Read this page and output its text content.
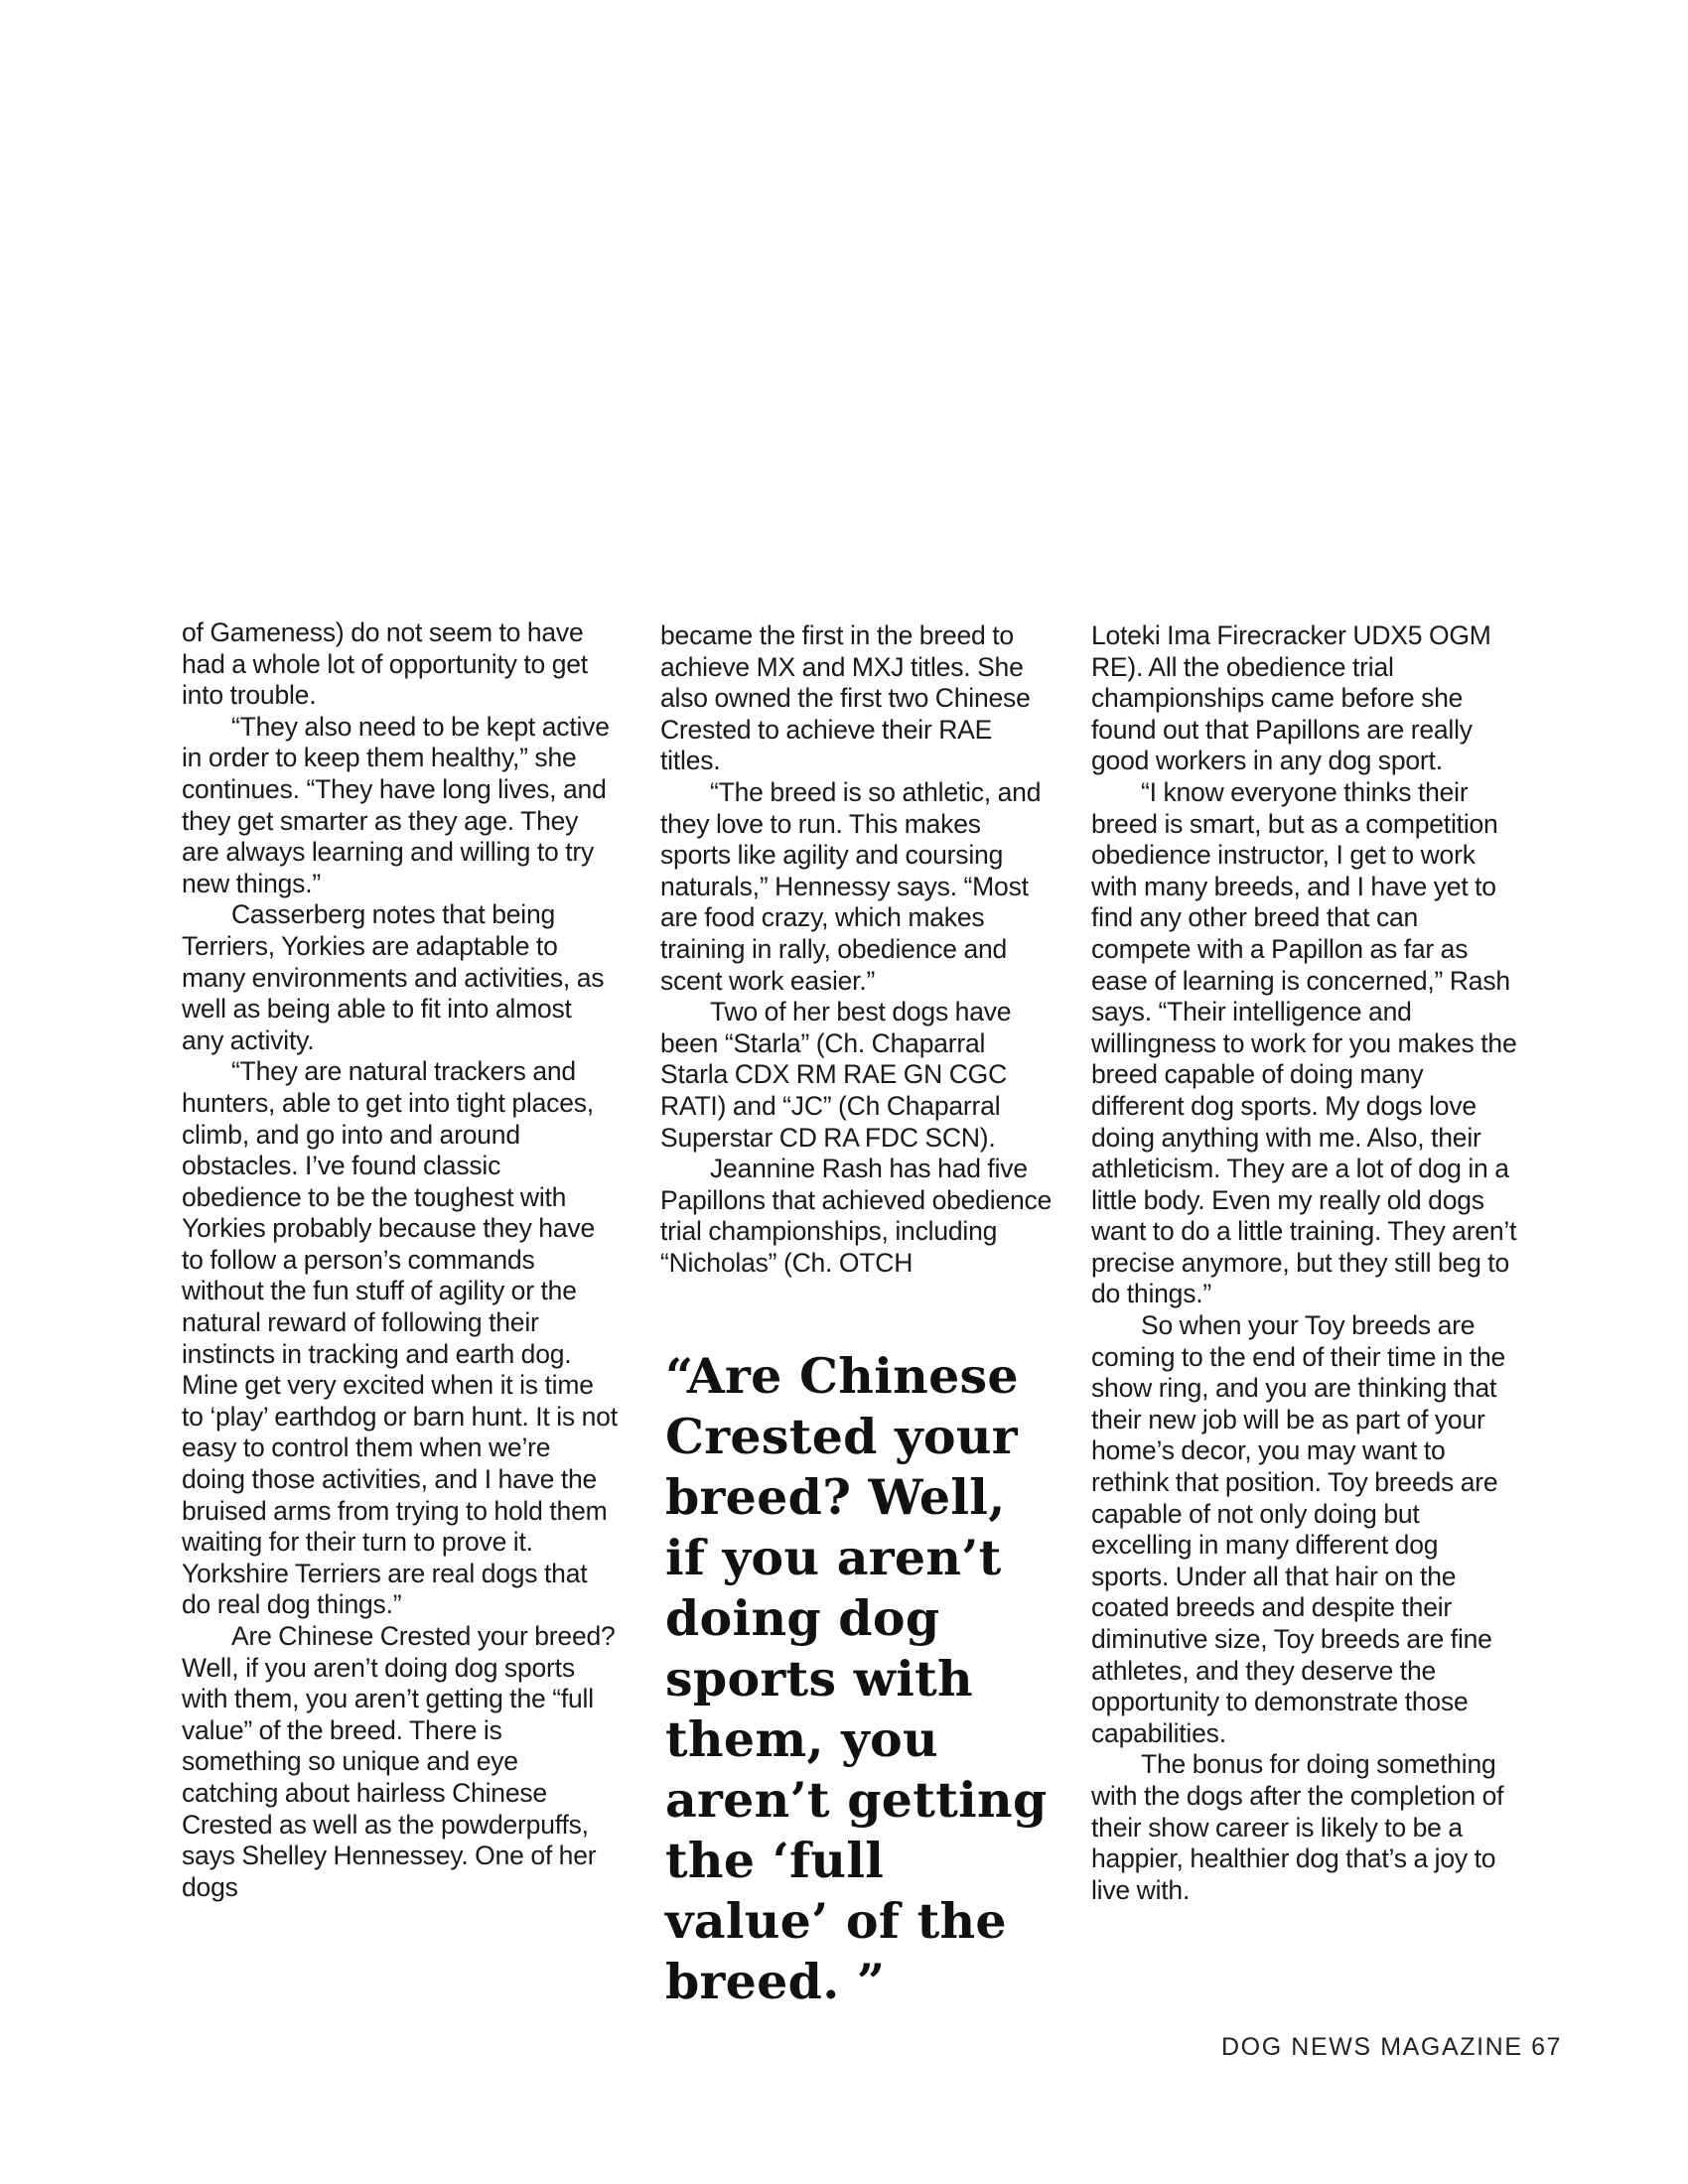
of Gameness) do not seem to have had a whole lot of opportunity to get into trouble.

“They also need to be kept active in order to keep them healthy,” she continues. “They have long lives, and they get smarter as they age. They are always learning and willing to try new things.”

Casserberg notes that being Terriers, Yorkies are adaptable to many environments and activities, as well as being able to fit into almost any activity.

“They are natural trackers and hunters, able to get into tight places, climb, and go into and around obstacles. I’ve found classic obedience to be the toughest with Yorkies probably because they have to follow a person’s commands without the fun stuff of agility or the natural reward of following their instincts in tracking and earth dog. Mine get very excited when it is time to ‘play’ earthdog or barn hunt. It is not easy to control them when we’re doing those activities, and I have the bruised arms from trying to hold them waiting for their turn to prove it. Yorkshire Terriers are real dogs that do real dog things.”

Are Chinese Crested your breed? Well, if you aren’t doing dog sports with them, you aren’t getting the “full value” of the breed. There is something so unique and eye catching about hairless Chinese Crested as well as the powderpuffs, says Shelley Hennessey. One of her dogs

became the first in the breed to achieve MX and MXJ titles. She also owned the first two Chinese Crested to achieve their RAE titles.

“The breed is so athletic, and they love to run. This makes sports like agility and coursing naturals,” Hennessy says. “Most are food crazy, which makes training in rally, obedience and scent work easier.”

Two of her best dogs have been “Starla” (Ch. Chaparral Starla CDX RM RAE GN CGC RATI) and “JC” (Ch Chaparral Superstar CD RA FDC SCN).

Jeannine Rash has had five Papillons that achieved obedience trial championships, including “Nicholas” (Ch. OTCH

“Are Chinese Crested your breed? Well, if you aren’t doing dog sports with them, you aren’t getting the ‘full value’ of the breed. ”

Loteki Ima Firecracker UDX5 OGM RE). All the obedience trial championships came before she found out that Papillons are really good workers in any dog sport.

“I know everyone thinks their breed is smart, but as a competition obedience instructor, I get to work with many breeds, and I have yet to find any other breed that can compete with a Papillon as far as ease of learning is concerned,” Rash says. “Their intelligence and willingness to work for you makes the breed capable of doing many different dog sports. My dogs love doing anything with me. Also, their athleticism. They are a lot of dog in a little body. Even my really old dogs want to do a little training. They aren’t precise anymore, but they still beg to do things.”

So when your Toy breeds are coming to the end of their time in the show ring, and you are thinking that their new job will be as part of your home’s decor, you may want to rethink that position. Toy breeds are capable of not only doing but excelling in many different dog sports. Under all that hair on the coated breeds and despite their diminutive size, Toy breeds are fine athletes, and they deserve the opportunity to demonstrate those capabilities.

The bonus for doing something with the dogs after the completion of their show career is likely to be a happier, healthier dog that’s a joy to live with.

DOG NEWS MAGAZINE 67
